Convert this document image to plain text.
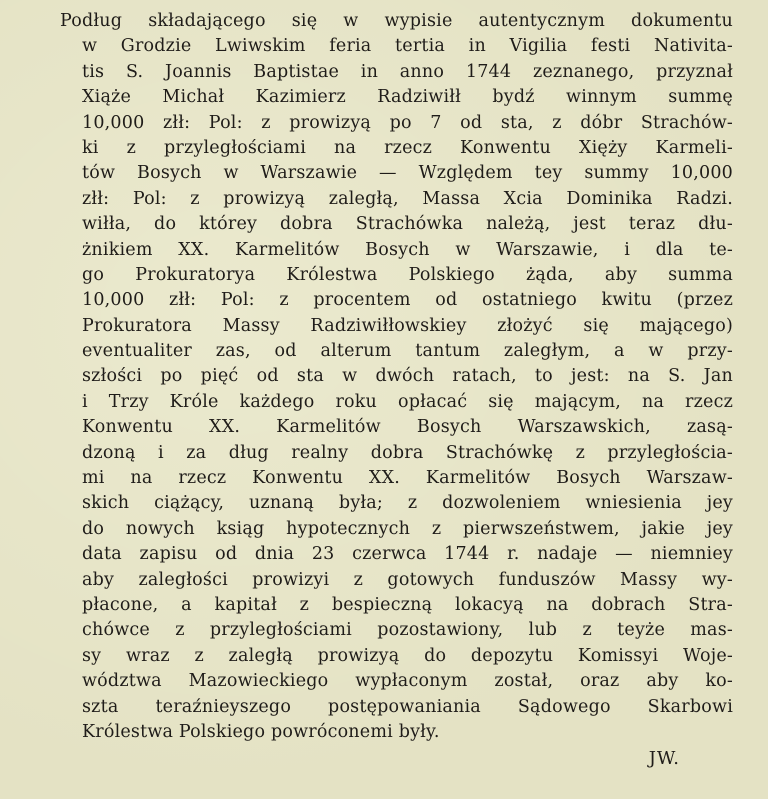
Podług składającego się w wypisie autentycznym dokumentu
w Grodzie Lwiwskim feria tertia in Vigilia festi Nativita-
tis S. Joannis Baptistae in anno 1744 zeznanego, przyznał
Xiąże Michał Kazimierz Radziwiłł bydź winnym summę
10,000 złł: Pol: z prowizyą po 7 od sta, z dóbr Strachów-
ki z przyległościami na rzecz Konwentu Xięży Karmeli-
tów Bosych w Warszawie — Względem tey summy 10,000
złł: Pol: z prowizyą zaległą, Massa Xcia Dominika Radzi.
wiłła, do którey dobra Strachówka należą, jest teraz dłu-
żnikiem XX. Karmelitów Bosych w Warszawie, i dla te-
go Prokuratorya Królestwa Polskiego żąda, aby summa
10,000 złł: Pol: z procentem od ostatniego kwitu (przez
Prokuratora Massy Radziwiłłowskiey złożyć się mającego)
eventualiter zas, od alterum tantum zaległym, a w przy-
szłości po pięć od sta w dwóch ratach, to jest: na S. Jan
i Trzy Króle każdego roku opłacać się mającym, na rzecz
Konwentu XX. Karmelitów Bosych Warszawskich, zasą-
dzoną i za dług realny dobra Strachówkę z przyległościa-
mi na rzecz Konwentu XX. Karmelitów Bosych Warszaw-
skich ciążący, uznaną była; z dozwoleniem wniesienia jey
do nowych ksiąg hypotecznych z pierwszeństwem, jakie jey
data zapisu od dnia 23 czerwca 1744 r. nadaje — niemniey
aby zaległości prowizyi z gotowych funduszów Massy wy-
płacone, a kapitał z bespieczną lokacyą na dobrach Stra-
chówce z przyległościami pozostawiony, lub z teyże mas-
sy wraz z zaległą prowizyą do depozytu Komissyi Woje-
wództwa Mazowieckiego wypłaconym został, oraz aby ko-
szta teraźnieyszego postępowaniania Sądowego Skarbowi
Królestwa Polskiego powróconemi były.
JW.
